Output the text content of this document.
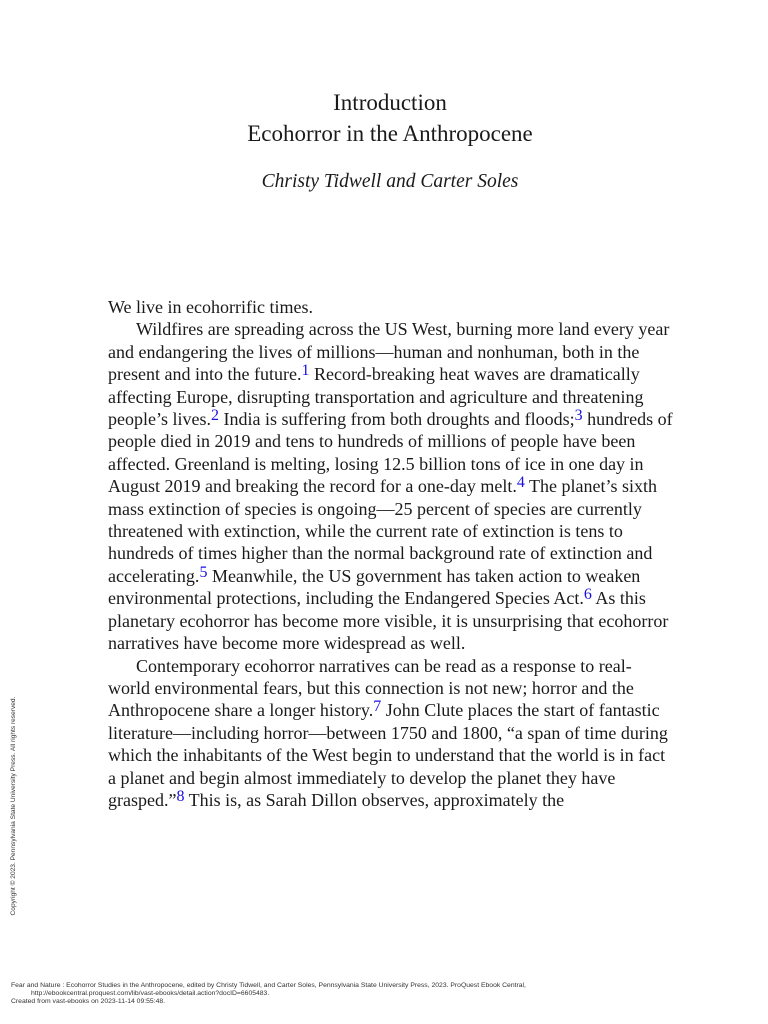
Introduction
Ecohorror in the Anthropocene
Christy Tidwell and Carter Soles

We live in ecohorrific times.

Wildfires are spreading across the US West, burning more land every year and endangering the lives of millions—human and nonhuman, both in the present and into the future.1 Record-breaking heat waves are dramatically affecting Europe, disrupting transportation and agriculture and threatening people’s lives.2 India is suffering from both droughts and floods;3 hundreds of people died in 2019 and tens to hundreds of millions of people have been affected. Greenland is melting, losing 12.5 billion tons of ice in one day in August 2019 and breaking the record for a one-day melt.4 The planet’s sixth mass extinction of species is ongoing—25 percent of species are currently threatened with extinction, while the current rate of extinction is tens to hundreds of times higher than the normal background rate of extinction and accelerating.5 Meanwhile, the US government has taken action to weaken environmental protections, including the Endangered Species Act.6 As this planetary ecohorror has become more visible, it is unsurprising that ecohorror narratives have become more widespread as well.

Contemporary ecohorror narratives can be read as a response to real-world environmental fears, but this connection is not new; horror and the Anthropocene share a longer history.7 John Clute places the start of fantastic literature—including horror—between 1750 and 1800, “a span of time during which the inhabitants of the West begin to understand that the world is in fact a planet and begin almost immediately to develop the planet they have grasped.”8 This is, as Sarah Dillon observes, approximately the

Copyright © 2023. Pennsylvania State University Press. All rights reserved.
Fear and Nature : Ecohorror Studies in the Anthropocene, edited by Christy Tidwell, and Carter Soles, Pennsylvania State University Press, 2023. ProQuest Ebook Central,
http://ebookcentral.proquest.com/lib/vast-ebooks/detail.action?docID=6605483.
Created from vast-ebooks on 2023-11-14 09:55:48.
